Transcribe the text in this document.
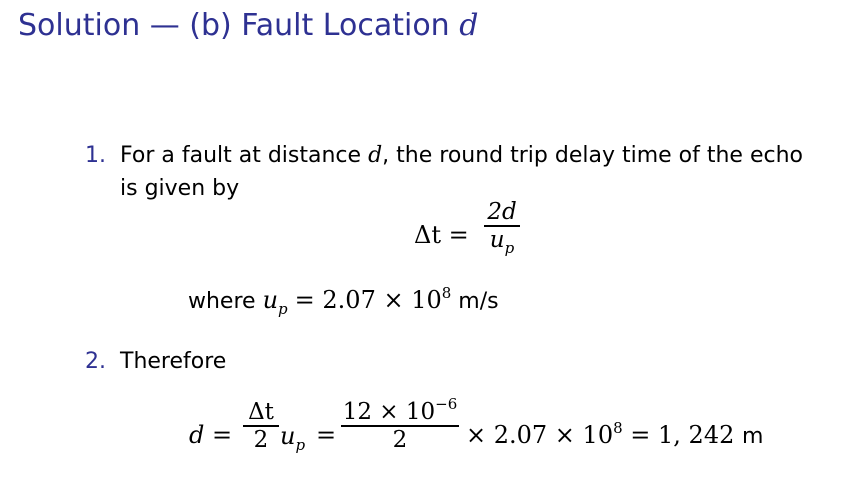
Solution — (b) Fault Location d
1. For a fault at distance d, the round trip delay time of the echo
is given by
Δt =
2d
$u_p$
where $u_p = 2.07 \times 10^8$ m/s
2. Therefore
d =
Δt
2 $u_p$ =
$12 \times 10^{-6}$
2	× $2.07 \times 10^8 = 1$, 242 m
